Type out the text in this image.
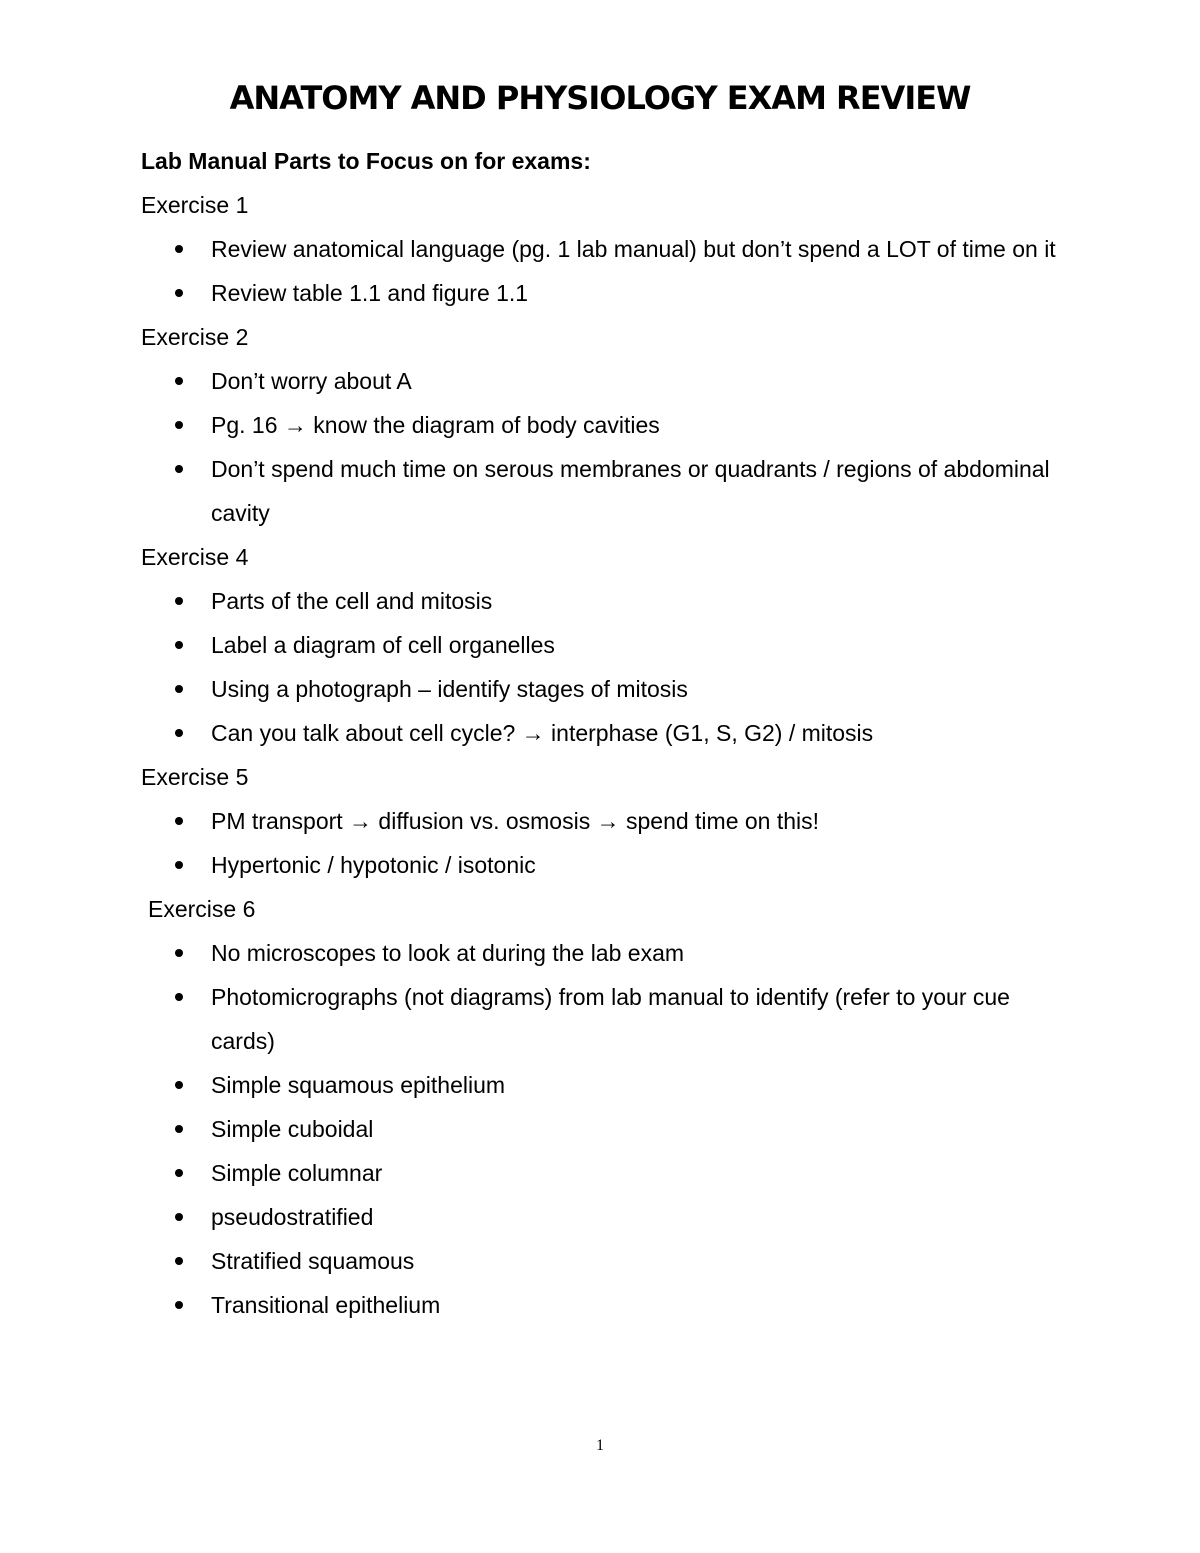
ANATOMY AND PHYSIOLOGY EXAM REVIEW
Lab Manual Parts to Focus on for exams:
Exercise 1
Review anatomical language (pg. 1 lab manual) but don’t spend a LOT of time on it
Review table 1.1 and figure 1.1
Exercise 2
Don’t worry about A
Pg. 16 → know the diagram of body cavities
Don’t spend much time on serous membranes or quadrants / regions of abdominal cavity
Exercise 4
Parts of the cell and mitosis
Label a diagram of cell organelles
Using a photograph – identify stages of mitosis
Can you talk about cell cycle? → interphase (G1, S, G2) / mitosis
Exercise 5
PM transport → diffusion vs. osmosis → spend time on this!
Hypertonic / hypotonic / isotonic
Exercise 6
No microscopes to look at during the lab exam
Photomicrographs (not diagrams) from lab manual to identify (refer to your cue cards)
Simple squamous epithelium
Simple cuboidal
Simple columnar
pseudostratified
Stratified squamous
Transitional epithelium
1
